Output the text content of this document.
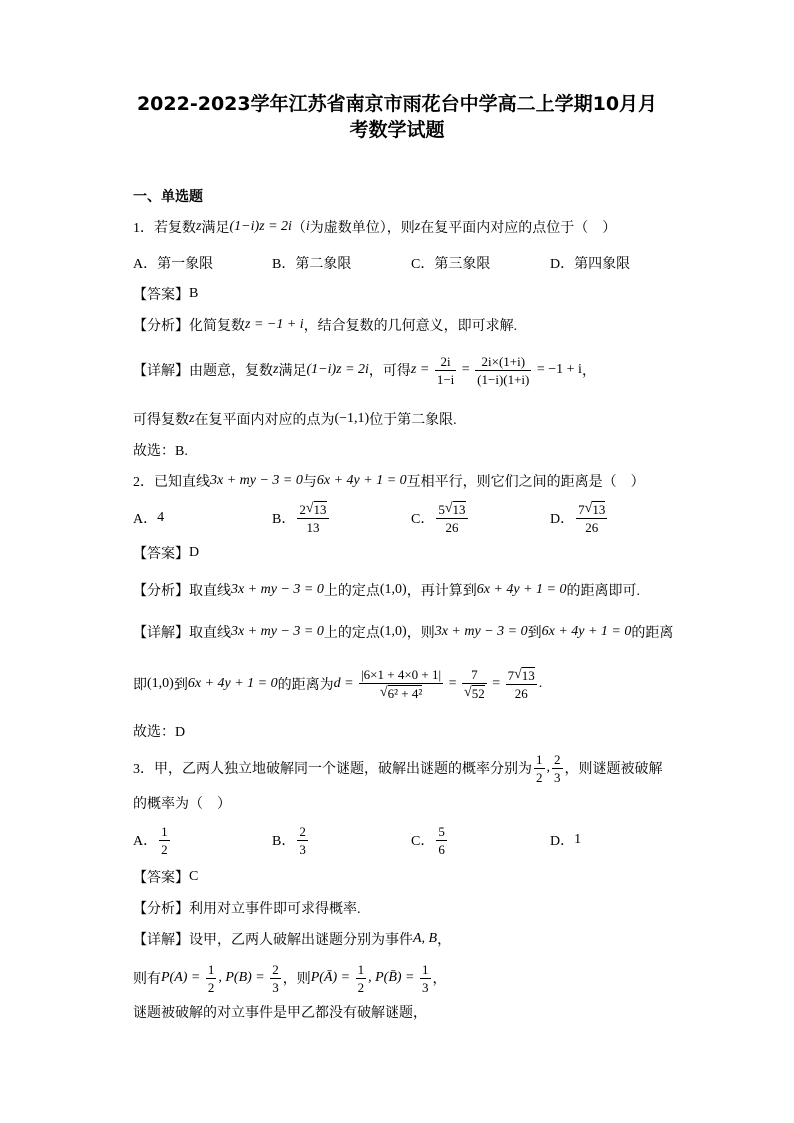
2022-2023学年江苏省南京市雨花台中学高二上学期10月月
考数学试题
一、单选题
1．若复数 z 满足 (1−i)z = 2i （ i 为虚数单位），则 z 在复平面内对应的点位于（　）
A．第一象限	B．第二象限	C．第三象限	D．第四象限
【答案】 B
【分析】 化简复数 z = −1 + i ，结合复数的几何意义，即可求解.
【详解】 由题意，复数 z 满足 (1−i)z = 2i ，可得 $z = \frac{2i}{1-i} = \frac{2i\times(1+i)}{(1-i)(1+i)} = -1 + i$ ，
可得复数 z 在复平面内对应的点为 (−1,1) 位于第二象限.
故选：B.
2．已知直线 3x + my − 3 = 0 与 6x + 4y + 1 = 0 互相平行，则它们之间的距离是（　）
A． 4	B． $\frac{2 √ 13}{13}$	C． $\frac{5 √ 13}{26}$	D． $\frac{7 √ 13}{26}$
【答案】 D
【分析】 取直线 3x + my − 3 = 0 上的定点 (1,0) ，再计算到 6x + 4y + 1 = 0 的距离即可.
【详解】 取直线 3x + my − 3 = 0 上的定点 (1,0) ，则 3x + my − 3 = 0 到 6x + 4y + 1 = 0 的距离
即 (1,0) 到 6x + 4y + 1 = 0 的距离为 $d = \frac{|6\times 1 + 4\times 0 + 1|}{\text{√ 6² + 4²}} = \frac{7}{√ 52} = \frac{7 √ 13}{26}$ .
故选：D
3．甲，乙两人独立地破解同一个谜题，破解出谜题的概率分别为 $\frac{1}{2}$ , $\frac{2}{3}$ ，则谜题被破解
的概率为（　）
A． $\frac{1}{2}$	B． $\frac{2}{3}$	C． $\frac{5}{6}$	D． 1
【答案】 C
【分析】 利用对立事件即可求得概率.
【详解】 设甲，乙两人破解出谜题分别为事件 A, B ，
则有 $P(A) = \frac{1}{2}$ , $P(B) = \frac{2}{3}$ ，则 P(Ā) = $\frac{1}{2}$ , P(B̄) = $\frac{1}{3}$ ，
谜题被破解的对立事件是甲乙都没有破解谜题，
